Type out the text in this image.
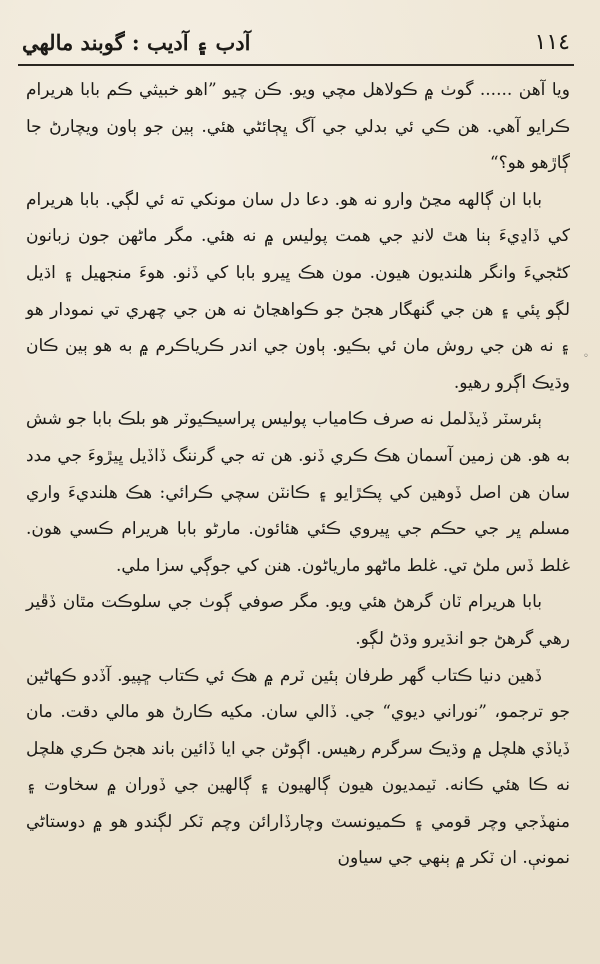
آدب ۽ آديب : گوبند مالهي	١١٤

ويا آهن ...... گوٺ ۾ ڪولاهل مچي ويو. ڪن چيو ”اهو خبيثي ڪم بابا هريرام ڪرايو آهي. هن ڪي ئي بدلي جي آگ ڀڄائڻي هئي. ٻين جو ٻاون ويچارڻ جا ڳاڙهو هو؟“

بابا ان ڳالهه مڃڻ وارو نه هو. دعا دل سان مونکي ته ئي لڳي. بابا هريرام کي ڏاڍيءَ ٻنا هٿ لانڍ جي همت پوليس ۾ نه هئي. مگر ماڻهن جون زبانون کڻجيءَ وانگر هلنديون هيون. مون هڪ ڀيرو بابا کي ڏٺو. هوءَ منجهيل ۽ اڌيل لڳو پئي ۽ هن جي گنهگار هجڻ جو ڪواهڃاڻ نه هن جي چهري تي نمودار هو ۽ نه هن جي روش مان ئي بڪيو. ٻاون جي اندر ڪرياڪرم ۾ به هو ٻين ڪان وڌيڪ اڳرو رهيو.

ٻئرسٽر ڏيڏلمل نه صرف ڪامياب پوليس پراسيڪيوٽر هو بلڪ بابا جو شش به هو. هن زمين آسمان هڪ ڪري ڏنو. هن ته جي گرننگ ڏاڏيل ڀيڙوءَ جي مدد سان هن اصل ڏوهين کي پڪڙايو ۽ ڪانٽن سچي ڪرائي: هڪ هلنديءَ واري مسلم ڀر جي حڪم جي ڀيروي ڪئي هئائون. مارڻو بابا هريرام ڪسي هون. غلط ڏس ملڻ تي. غلط ماڻهو مارياڻون. هنن کي جوڳي سزا ملي.

بابا هريرام ٽان گرهڻ هئي ويو. مگر صوفي ڳوٺ جي سلوڪت مٿان ڏڦير رهي گرهڻ جو انڌيرو وڌڻ لڳو.

ڏهين دنيا ڪتاب گهر طرفان ٻئين ٽرم ۾ هڪ ئي ڪتاب ڇپيو. آڏدو ڪهاڻين جو ترجمو، ”نوراني ديوي“ جي. ڏالي سان. مکيه ڪارڻ هو مالي دقت. مان ڏياڏي هلچل ۾ وڌيڪ سرگرم رهيس. اڳوڻن جي ايا ڏائين باند هجڻ ڪري هلچل نه ڪا هئي ڪانه. ٽيمديون هيون ڳالهيون ۽ ڳالهين جي ڏوران ۾ سخاوت ۽ منهڏجي وچر قومي ۽ ڪميونسٽ وچارڏارائن وچم ٽکر لڳندو هو ۾ دوستاڻي نمونې. ان ٽکر ۾ ٻنهي جي سياون

◦
